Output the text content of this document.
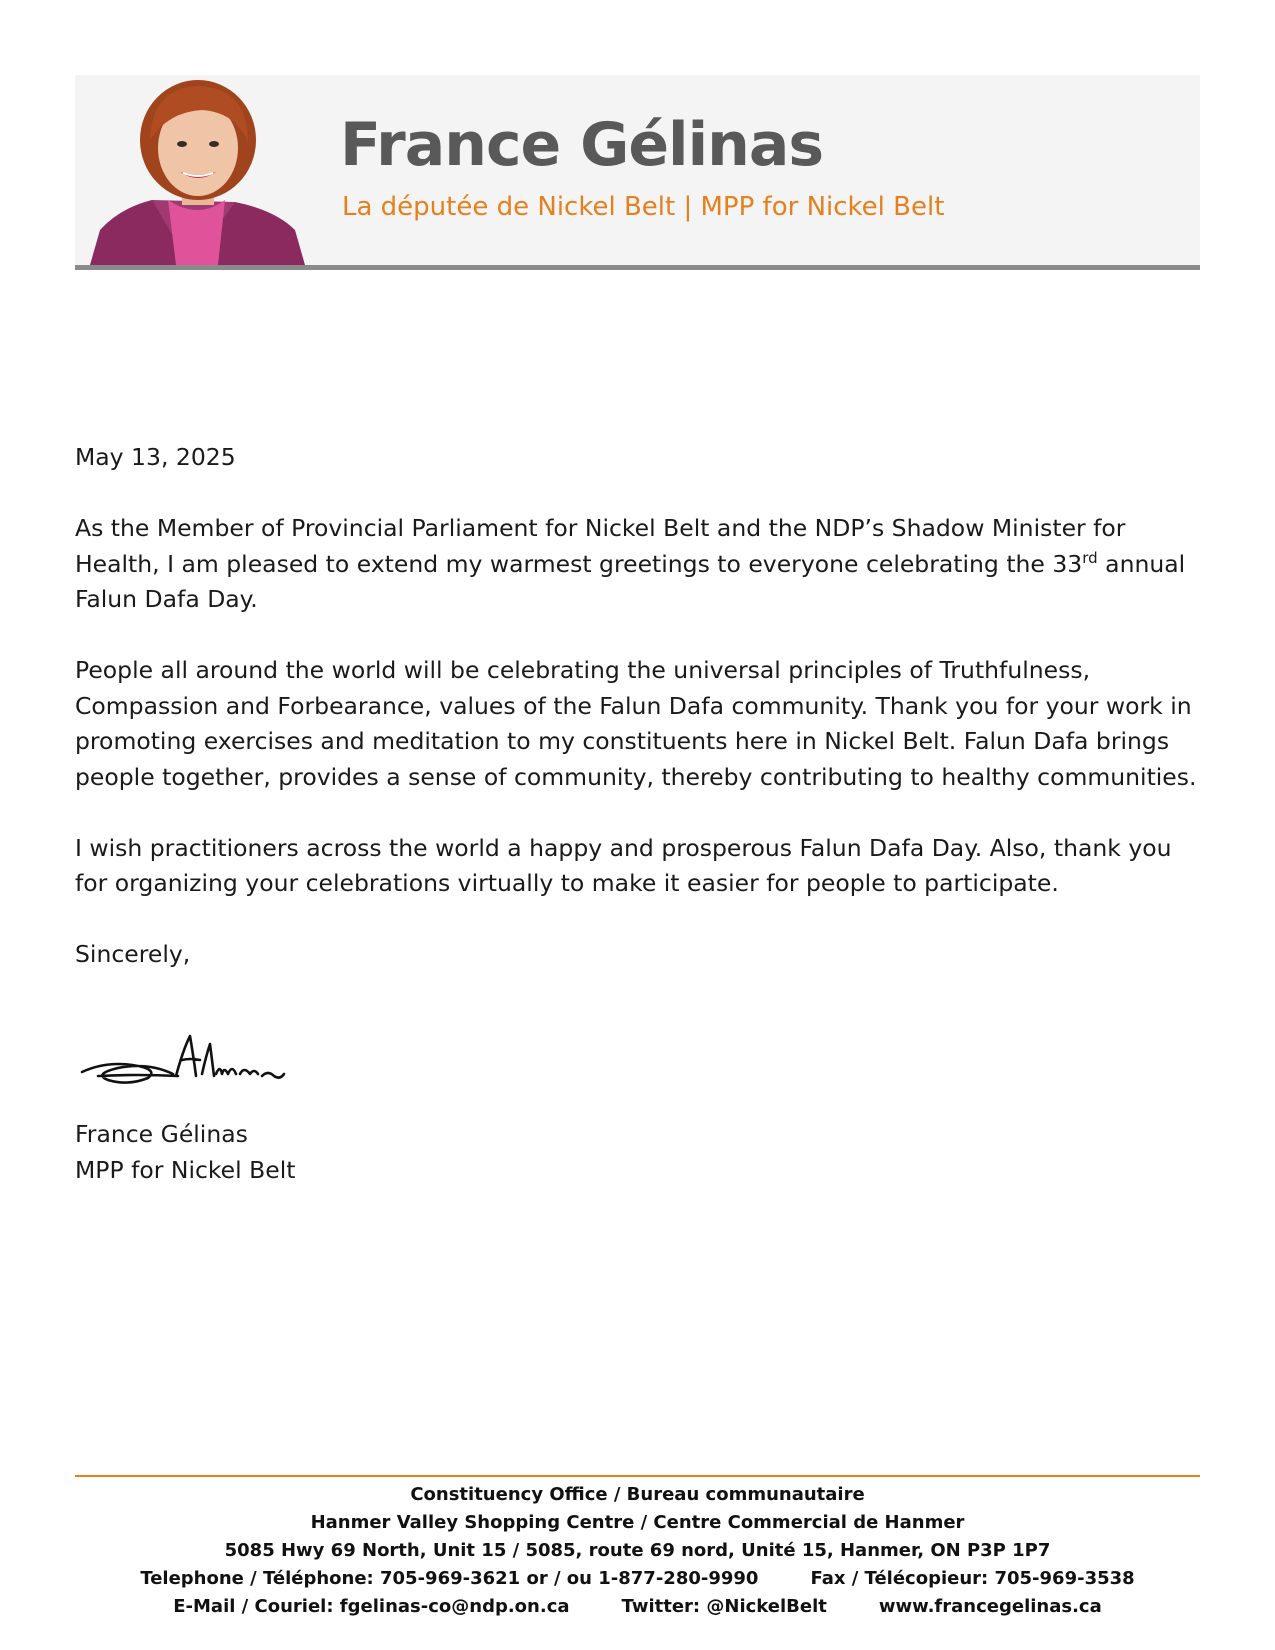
France Gélinas
La députée de Nickel Belt | MPP for Nickel Belt

May 13, 2025

As the Member of Provincial Parliament for Nickel Belt and the NDP’s Shadow Minister for Health, I am pleased to extend my warmest greetings to everyone celebrating the 33rd annual Falun Dafa Day.

People all around the world will be celebrating the universal principles of Truthfulness, Compassion and Forbearance, values of the Falun Dafa community. Thank you for your work in promoting exercises and meditation to my constituents here in Nickel Belt. Falun Dafa brings people together, provides a sense of community, thereby contributing to healthy communities.

I wish practitioners across the world a happy and prosperous Falun Dafa Day. Also, thank you for organizing your celebrations virtually to make it easier for people to participate.

Sincerely,

France Gélinas
MPP for Nickel Belt
Constituency Office / Bureau communautaire
Hanmer Valley Shopping Centre / Centre Commercial de Hanmer
5085 Hwy 69 North, Unit 15 / 5085, route 69 nord, Unité 15, Hanmer, ON P3P 1P7
Telephone / Téléphone: 705-969-3621 or / ou 1-877-280-9990	Fax / Télécopieur: 705-969-3538
E-Mail / Couriel: fgelinas-co@ndp.on.ca	Twitter: @NickelBelt	www.francegelinas.ca
